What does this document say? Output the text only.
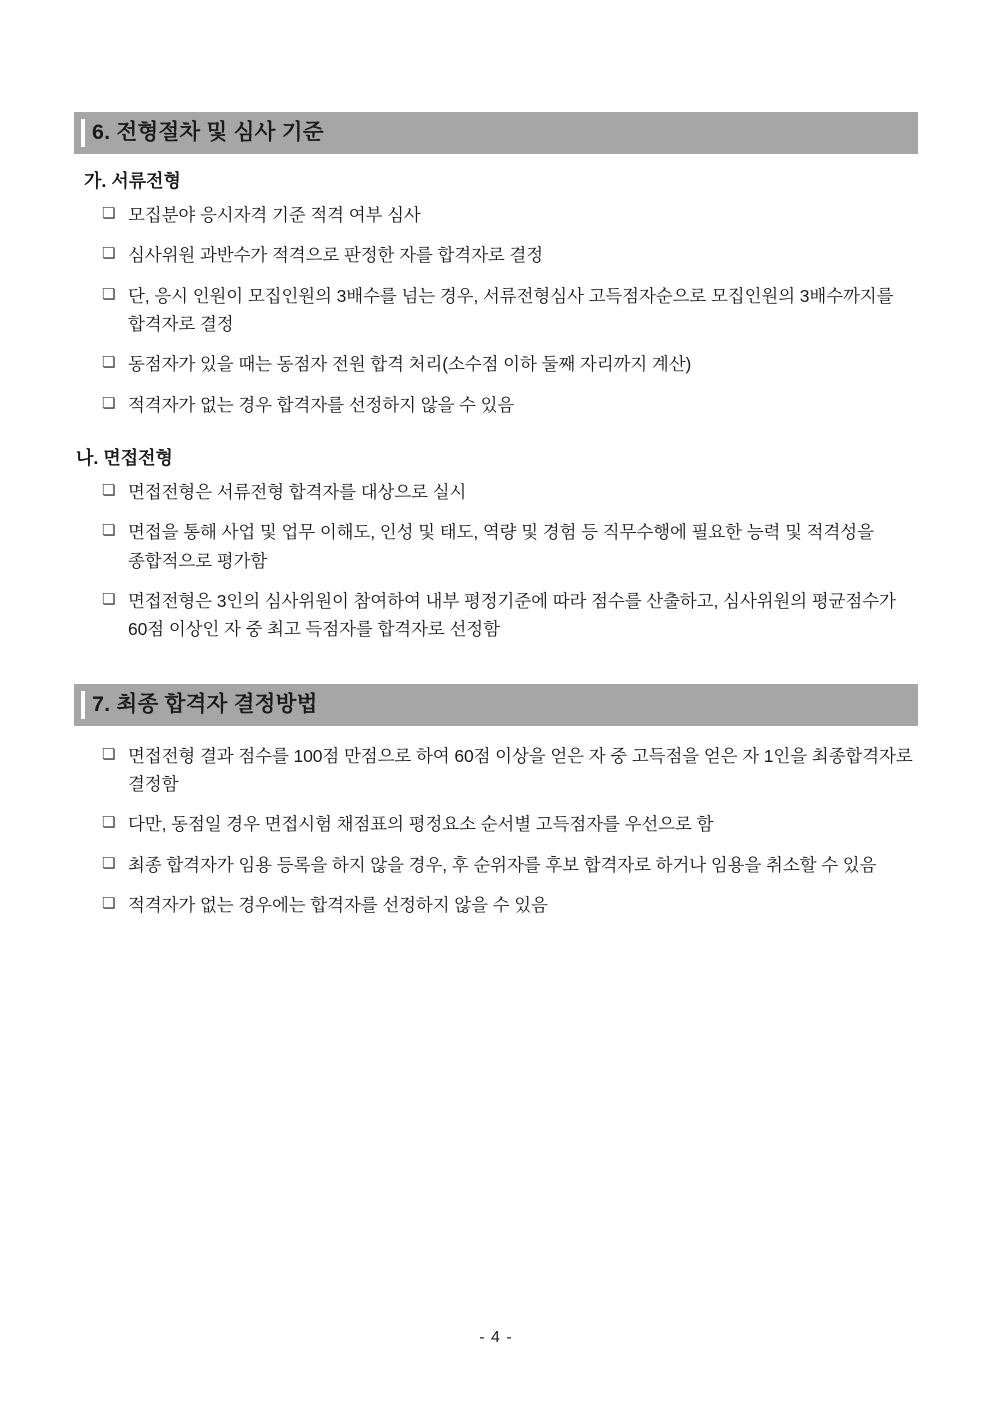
6. 전형절차 및 심사 기준
가. 서류전형
❏ 모집분야 응시자격 기준 적격 여부 심사
❏ 심사위원 과반수가 적격으로 판정한 자를 합격자로 결정
❏ 단, 응시 인원이 모집인원의 3배수를 넘는 경우, 서류전형심사 고득점자순으로 모집인원의 3배수까지를 합격자로 결정
❏ 동점자가 있을 때는 동점자 전원 합격 처리(소수점 이하 둘째 자리까지 계산)
❏ 적격자가 없는 경우 합격자를 선정하지 않을 수 있음
나. 면접전형
❏ 면접전형은 서류전형 합격자를 대상으로 실시
❏ 면접을 통해 사업 및 업무 이해도, 인성 및 태도, 역량 및 경험 등 직무수행에 필요한 능력 및 적격성을 종합적으로 평가함
❏ 면접전형은 3인의 심사위원이 참여하여 내부 평정기준에 따라 점수를 산출하고, 심사위원의 평균점수가 60점 이상인 자 중 최고 득점자를 합격자로 선정함
7. 최종 합격자 결정방법
❏ 면접전형 결과 점수를 100점 만점으로 하여 60점 이상을 얻은 자 중 고득점을 얻은 자 1인을 최종합격자로 결정함
❏ 다만, 동점일 경우 면접시험 채점표의 평정요소 순서별 고득점자를 우선으로 함
❏ 최종 합격자가 임용 등록을 하지 않을 경우, 후 순위자를 후보 합격자로 하거나 임용을 취소할 수 있음
❏ 적격자가 없는 경우에는 합격자를 선정하지 않을 수 있음
- 4 -
